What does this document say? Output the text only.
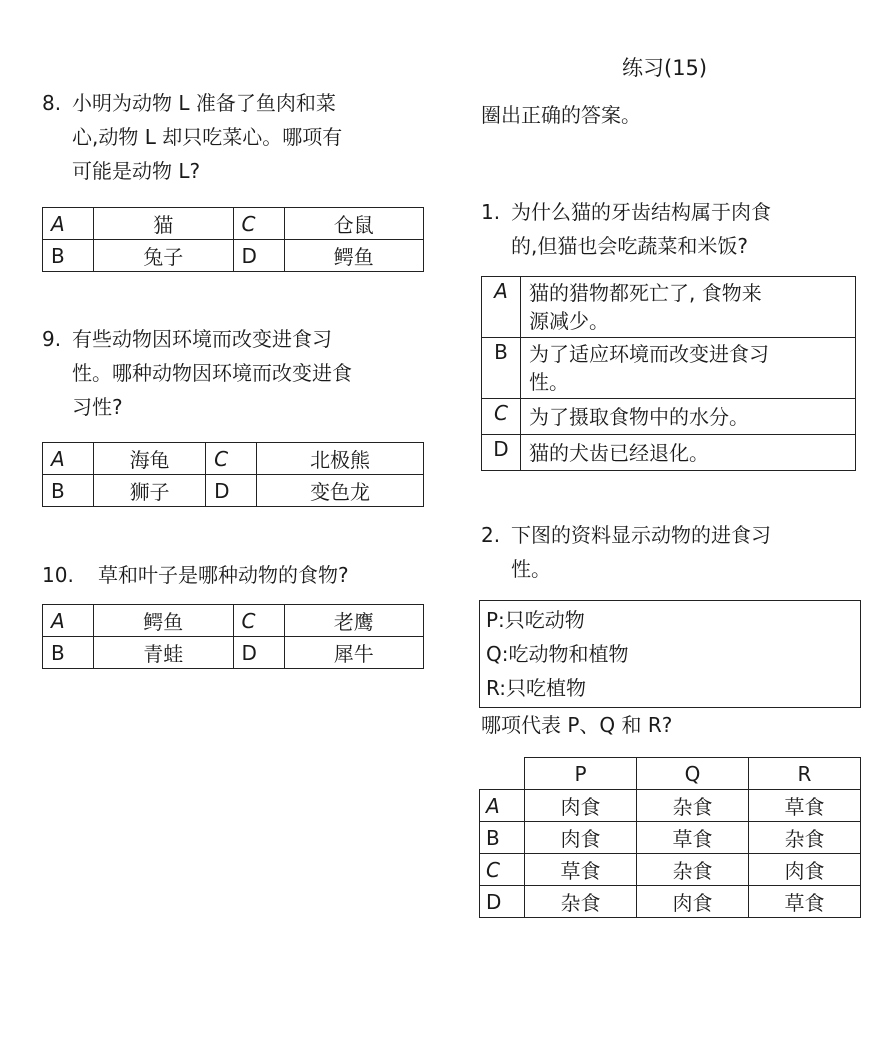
练习(15)
圈出正确的答案。
8. 小明为动物 L 准备了鱼肉和菜
心,动物 L 却只吃菜心。哪项有
可能是动物 L?
A	猫	C	仓鼠
B	兔子	D	鳄鱼
9. 有些动物因环境而改变进食习
性。哪种动物因环境而改变进食
习性?
A	海龟	C	北极熊
B	狮子	D	变色龙
10. 草和叶子是哪种动物的食物?
A	鳄鱼	C	老鹰
B	青蛙	D	犀牛
1. 为什么猫的牙齿结构属于肉食
的,但猫也会吃蔬菜和米饭?
A	猫的猎物都死亡了, 食物来
源减少。
B	为了适应环境而改变进食习
性。
C	为了摄取食物中的水分。
D	猫的犬齿已经退化。
2. 下图的资料显示动物的进食习
性。
P:只吃动物
Q:吃动物和植物
R:只吃植物
哪项代表 P、Q 和 R?
	P	Q	R
A	肉食	杂食	草食
B	肉食	草食	杂食
C	草食	杂食	肉食
D	杂食	肉食	草食
